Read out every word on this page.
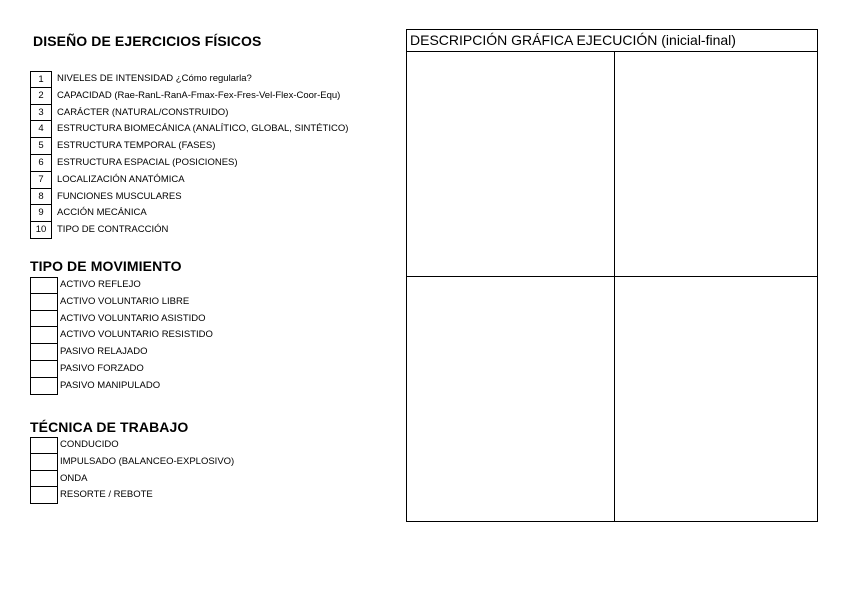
DISEÑO DE EJERCICIOS FÍSICOS
1	NIVELES DE INTENSIDAD ¿Cómo regularla?
2	CAPACIDAD (Rae-RanL-RanA-Fmax-Fex-Fres-Vel-Flex-Coor-Equ)
3	CARÁCTER (NATURAL/CONSTRUIDO)
4	ESTRUCTURA BIOMECÁNICA (ANALÍTICO, GLOBAL, SINTÉTICO)
5	ESTRUCTURA TEMPORAL (FASES)
6	ESTRUCTURA ESPACIAL (POSICIONES)
7	LOCALIZACIÓN ANATÓMICA
8	FUNCIONES MUSCULARES
9	ACCIÓN MECÁNICA
10	TIPO DE CONTRACCIÓN
TIPO DE MOVIMIENTO
ACTIVO REFLEJO
ACTIVO VOLUNTARIO LIBRE
ACTIVO VOLUNTARIO ASISTIDO
ACTIVO VOLUNTARIO RESISTIDO
PASIVO RELAJADO
PASIVO FORZADO
PASIVO MANIPULADO
TÉCNICA DE TRABAJO
CONDUCIDO
IMPULSADO (BALANCEO-EXPLOSIVO)
ONDA
RESORTE / REBOTE
DESCRIPCIÓN GRÁFICA EJECUCIÓN (inicial-final)
